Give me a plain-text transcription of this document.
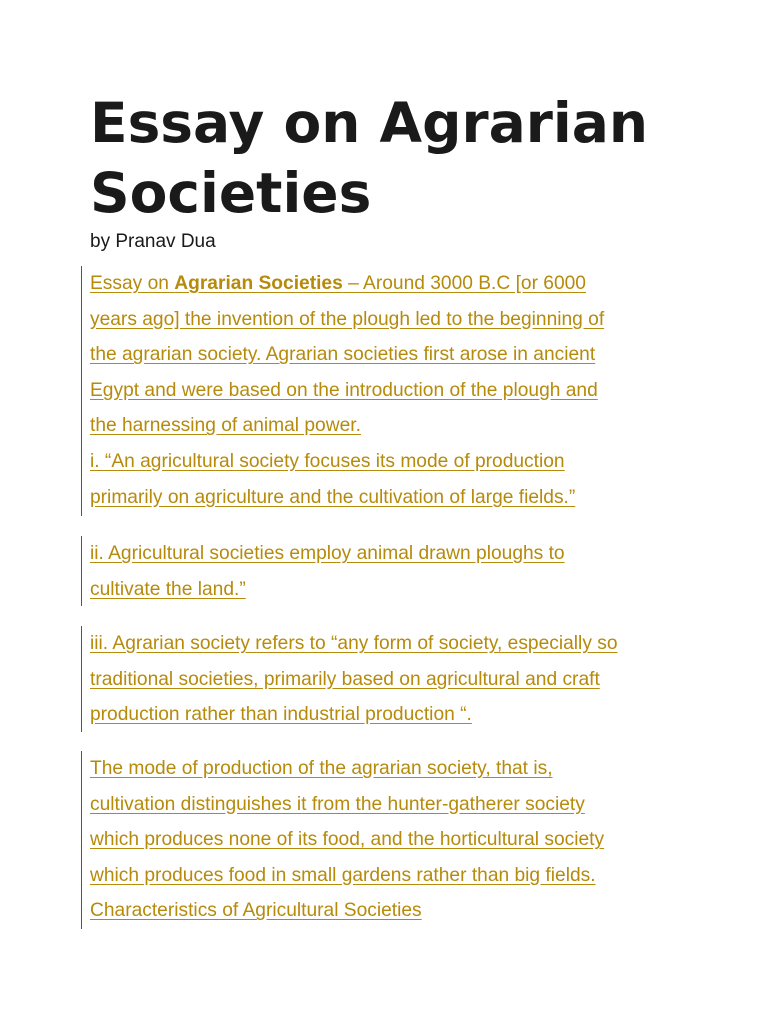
Essay on Agrarian Societies
by Pranav Dua

Essay on Agrarian Societies – Around 3000 B.C [or 6000
years ago] the invention of the plough led to the beginning of
the agrarian society. Agrarian societies first arose in ancient
Egypt and were based on the introduction of the plough and
the harnessing of animal power.
i. “An agricultural society focuses its mode of production
primarily on agriculture and the cultivation of large fields.”

ii. Agricultural societies employ animal drawn ploughs to
cultivate the land.”

iii. Agrarian society refers to “any form of society, especially so
traditional societies, primarily based on agricultural and craft
production rather than industrial production “.

The mode of production of the agrarian society, that is,
cultivation distinguishes it from the hunter-gatherer society
which produces none of its food, and the horticultural society
which produces food in small gardens rather than big fields.
Characteristics of Agricultural Societies
